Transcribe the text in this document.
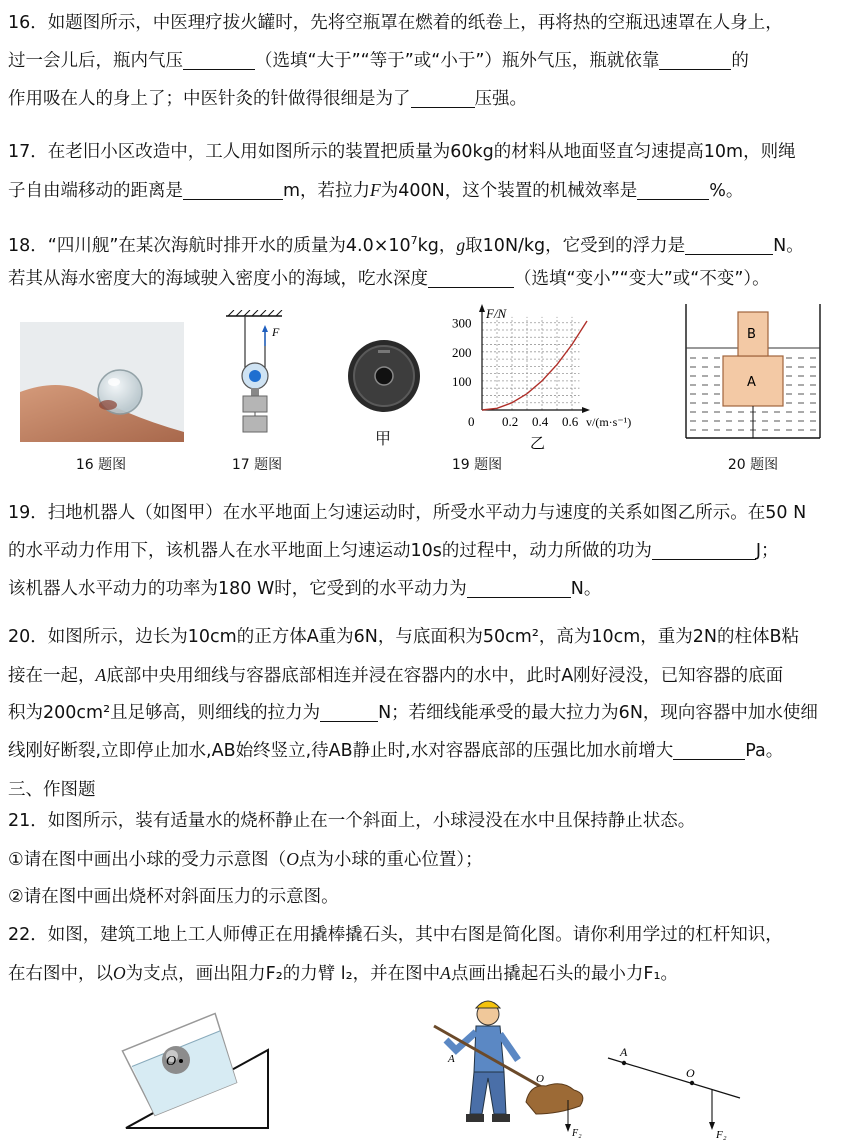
16．如题图所示，中医理疗拔火罐时，先将空瓶罩在燃着的纸卷上，再将热的空瓶迅速罩在人身上，
过一会儿后，瓶内气压	（选填“大于”“等于”或“小于”）瓶外气压，瓶就依靠	的
作用吸在人的身上了；中医针灸的针做得很细是为了	压强。
17．在老旧小区改造中，工人用如图所示的装置把质量为60kg的材料从地面竖直匀速提高10m，则绳
子自由端移动的距离是	m，若拉力F为400N，这个装置的机械效率是	%。
18．“四川舰”在某次海航时排开水的质量为$4.0\times 10^7kg$，g取10N/kg，它受到的浮力是	N。
若其从海水密度大的海域驶入密度小的海域，吃水深度	（选填“变小”“变大”或“不变”）。
16 题图
F
17 题图
甲
F/N
v/(m·s⁻¹)
0
100
200
300
0.2 0.4 0.6
乙
19 题图
B
A
20 题图
19．扫地机器人（如图甲）在水平地面上匀速运动时，所受水平动力与速度的关系如图乙所示。在50 N
的水平动力作用下，该机器人在水平地面上匀速运动10s的过程中，动力所做的功为	J；
该机器人水平动力的功率为180 W时，它受到的水平动力为	N。
20．如图所示，边长为10cm的正方体A重为6N，与底面积为50cm²，高为10cm，重为2N的柱体B粘
接在一起，A底部中央用细线与容器底部相连并浸在容器内的水中，此时A刚好浸没，已知容器的底面
积为200cm²且足够高，则细线的拉力为	N；若细线能承受的最大拉力为6N，现向容器中加水使细
线刚好断裂,立即停止加水,AB始终竖立,待AB静止时,水对容器底部的压强比加水前增大	Pa。
三、作图题
21．如图所示，装有适量水的烧杯静止在一个斜面上，小球浸没在水中且保持静止状态。
①请在图中画出小球的受力示意图（O点为小球的重心位置）；
②请在图中画出烧杯对斜面压力的示意图。
22．如图，建筑工地上工人师傅正在用撬棒撬石头，其中右图是简化图。请你利用学过的杠杆知识，
在右图中，以O为支点，画出阻力F₂的力臂 l₂，并在图中A点画出撬起石头的最小力F₁。
O	A
O
F₂
A
O
F₂
